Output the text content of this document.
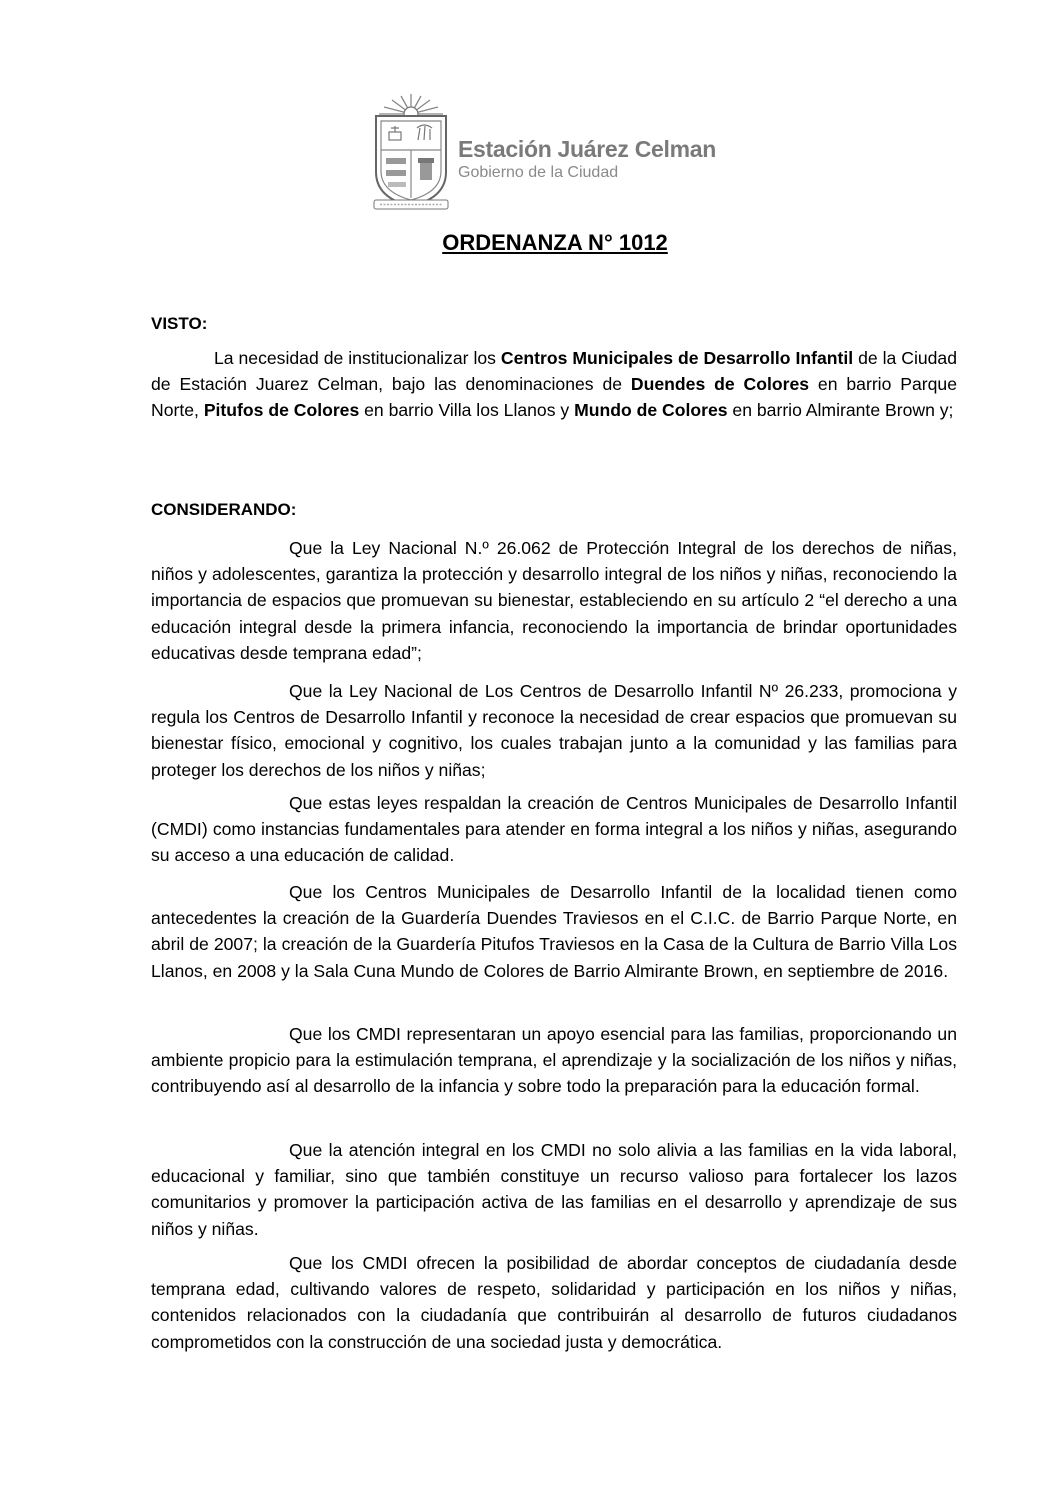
Estación Juárez Celman
Gobierno de la Ciudad
ORDENANZA N° 1012
VISTO:

La necesidad de institucionalizar los Centros Municipales de Desarrollo Infantil de la Ciudad de Estación Juarez Celman, bajo las denominaciones de Duendes de Colores en barrio Parque Norte, Pitufos de Colores en barrio Villa los Llanos y Mundo de Colores en barrio Almirante Brown y;

CONSIDERANDO:

Que la Ley Nacional N.º 26.062 de Protección Integral de los derechos de niñas, niños y adolescentes, garantiza la protección y desarrollo integral de los niños y niñas, reconociendo la importancia de espacios que promuevan su bienestar, estableciendo en su artículo 2 “el derecho a una educación integral desde la primera infancia, reconociendo la importancia de brindar oportunidades educativas desde temprana edad”;

Que la Ley Nacional de Los Centros de Desarrollo Infantil Nº 26.233, promociona y regula los Centros de Desarrollo Infantil y reconoce la necesidad de crear espacios que promuevan su bienestar físico, emocional y cognitivo, los cuales trabajan junto a la comunidad y las familias para proteger los derechos de los niños y niñas;

Que estas leyes respaldan la creación de Centros Municipales de Desarrollo Infantil (CMDI) como instancias fundamentales para atender en forma integral a los niños y niñas, asegurando su acceso a una educación de calidad.

Que los Centros Municipales de Desarrollo Infantil de la localidad tienen como antecedentes la creación de la Guardería Duendes Traviesos en el C.I.C. de Barrio Parque Norte, en abril de 2007; la creación de la Guardería Pitufos Traviesos en la Casa de la Cultura de Barrio Villa Los Llanos, en 2008 y la Sala Cuna Mundo de Colores de Barrio Almirante Brown, en septiembre de 2016.

Que los CMDI representaran un apoyo esencial para las familias, proporcionando un ambiente propicio para la estimulación temprana, el aprendizaje y la socialización de los niños y niñas, contribuyendo así al desarrollo de la infancia y sobre todo la preparación para la educación formal.

Que la atención integral en los CMDI no solo alivia a las familias en la vida laboral, educacional y familiar, sino que también constituye un recurso valioso para fortalecer los lazos comunitarios y promover la participación activa de las familias en el desarrollo y aprendizaje de sus niños y niñas.

Que los CMDI ofrecen la posibilidad de abordar conceptos de ciudadanía desde temprana edad, cultivando valores de respeto, solidaridad y participación en los niños y niñas, contenidos relacionados con la ciudadanía que contribuirán al desarrollo de futuros ciudadanos comprometidos con la construcción de una sociedad justa y democrática.
